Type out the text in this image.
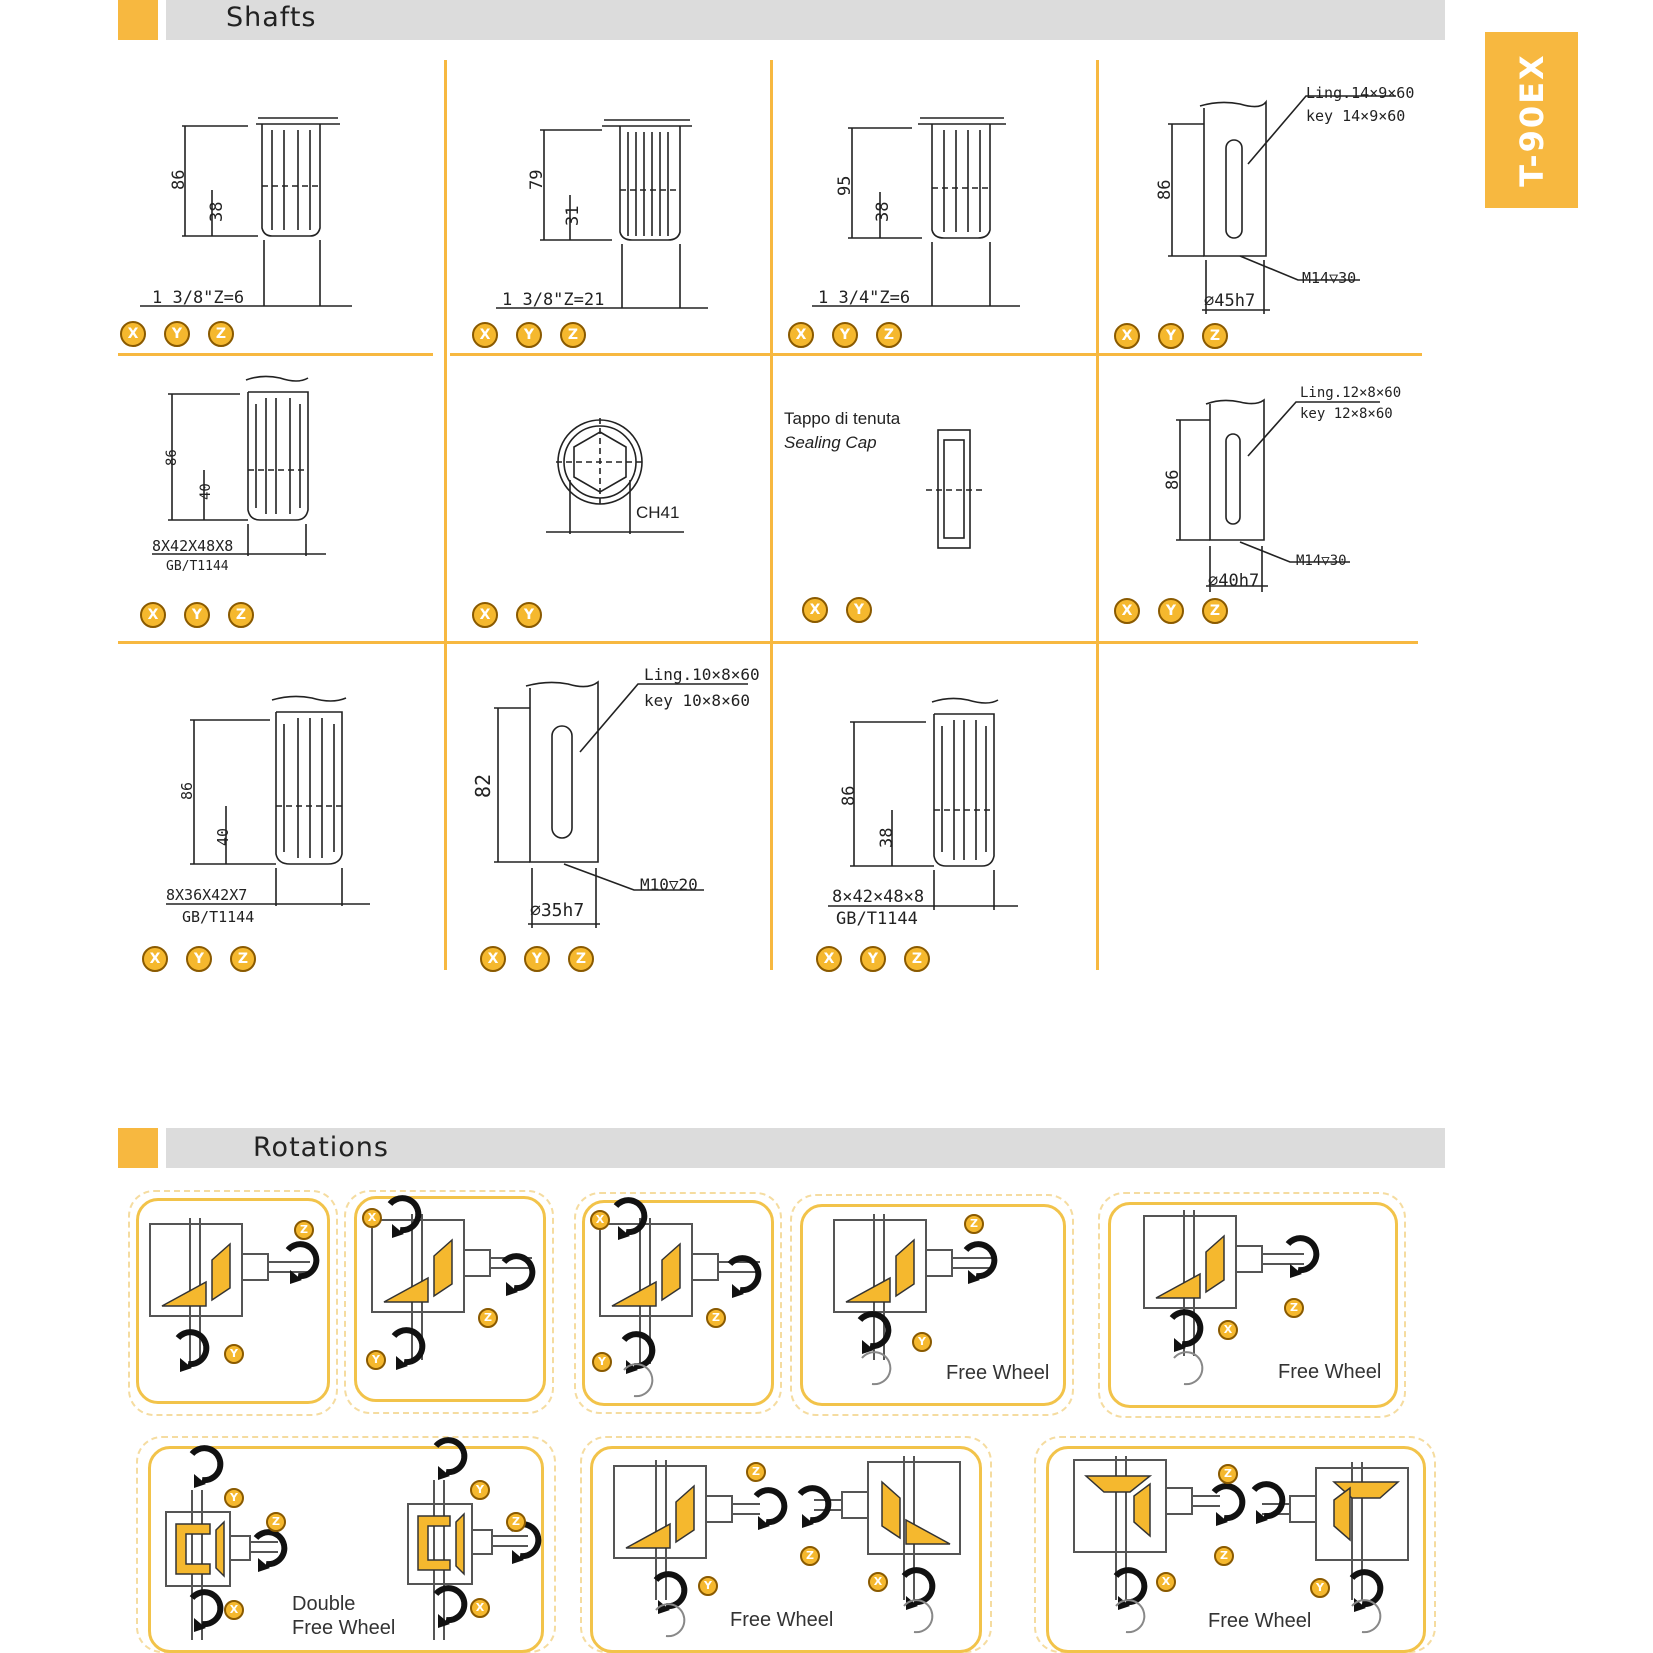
T-90EX
Shafts
Rotations
86
38
1 3/8"Z=6
79
31
1 3/8"Z=21
95
38
1 3/4"Z=6
Ling.14×9×60
key 14×9×60
86
M14▽30
⌀45h7
86
40
8X42X48X8
GB/T1144
CH41
Tappo di tenuta
Sealing Cap
Ling.12×8×60
key 12×8×60
86
M14▽30
⌀40h7
86
40
8X36X42X7
GB/T1144
Ling.10×8×60
key 10×8×60
82
M10▽20
⌀35h7
86
38
8×42×48×8
GB/T1144
X	Y	Z	X	Y	Z	X	Y	Z	X	Y	Z
X	Y	Z	X	Y	X	Y	X	Y	Z
X	Y	Z	X	Y	Z	X	Y	Z
Free Wheel	Free Wheel
Double
Free Wheel	Free Wheel	Free Wheel
Z
Y
X
Z
Y
X
Z
Y
Z
Y
X
Z
Y
Z
X
Y
Z
X
Z
Z
Y	X
Z
Z
X	Y
